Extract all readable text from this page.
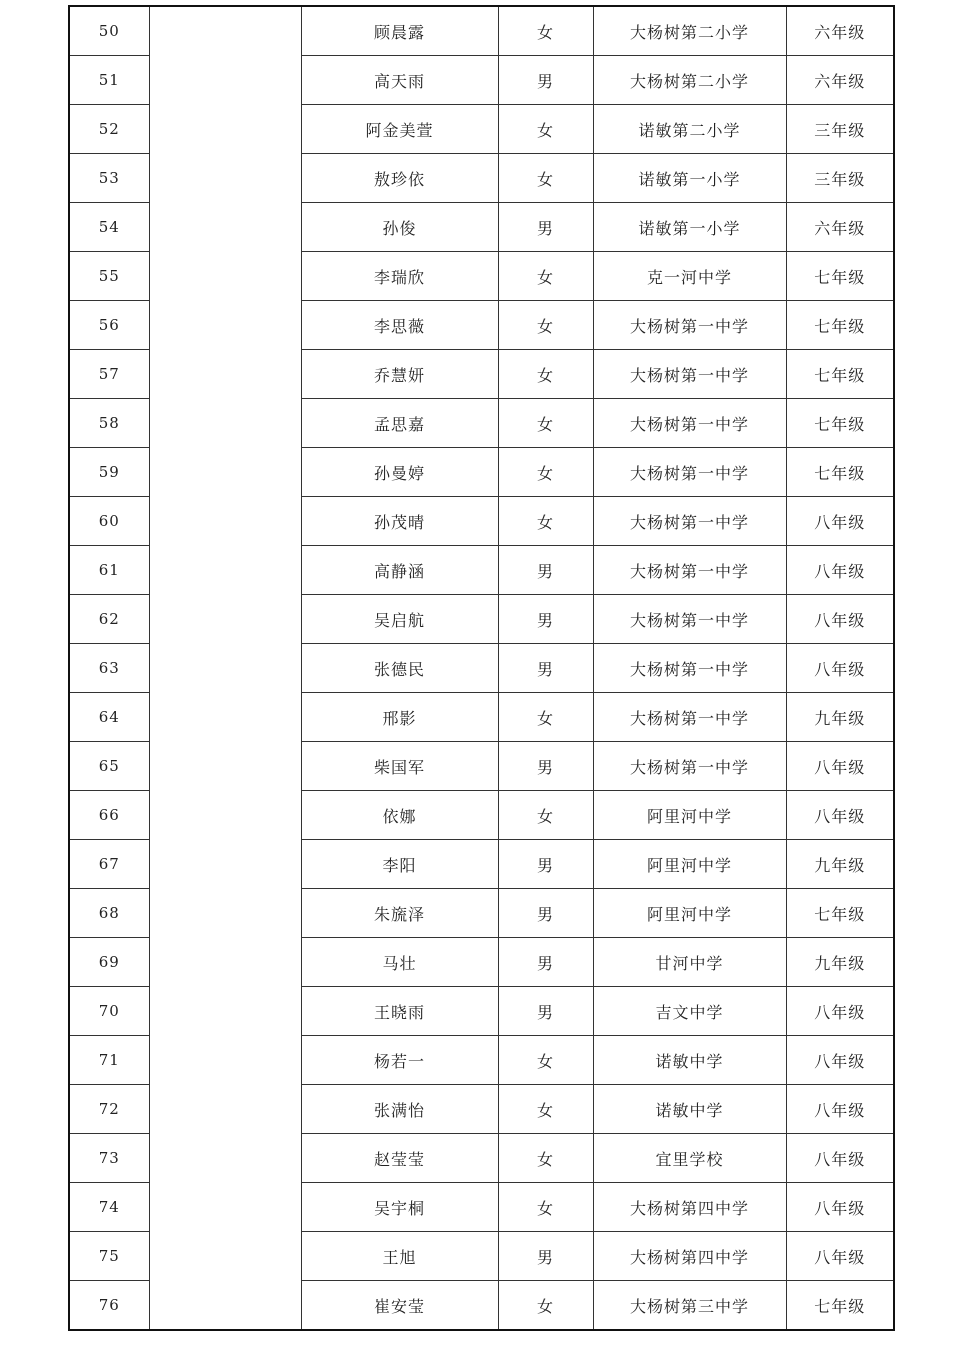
50		顾晨露	女	大杨树第二小学	六年级
51		高天雨	男	大杨树第二小学	六年级
52		阿金美萱	女	诺敏第二小学	三年级
53		敖珍依	女	诺敏第一小学	三年级
54		孙俊	男	诺敏第一小学	六年级
55		李瑞欣	女	克一河中学	七年级
56		李思薇	女	大杨树第一中学	七年级
57		乔慧妍	女	大杨树第一中学	七年级
58		孟思嘉	女	大杨树第一中学	七年级
59		孙曼婷	女	大杨树第一中学	七年级
60		孙茂晴	女	大杨树第一中学	八年级
61		高静涵	男	大杨树第一中学	八年级
62		吴启航	男	大杨树第一中学	八年级
63		张德民	男	大杨树第一中学	八年级
64		邢影	女	大杨树第一中学	九年级
65		柴国军	男	大杨树第一中学	八年级
66		依娜	女	阿里河中学	八年级
67		李阳	男	阿里河中学	九年级
68		朱旒泽	男	阿里河中学	七年级
69		马壮	男	甘河中学	九年级
70		王晓雨	男	吉文中学	八年级
71		杨若一	女	诺敏中学	八年级
72		张满怡	女	诺敏中学	八年级
73		赵莹莹	女	宜里学校	八年级
74		吴宇桐	女	大杨树第四中学	八年级
75		王旭	男	大杨树第四中学	八年级
76		崔安莹	女	大杨树第三中学	七年级
